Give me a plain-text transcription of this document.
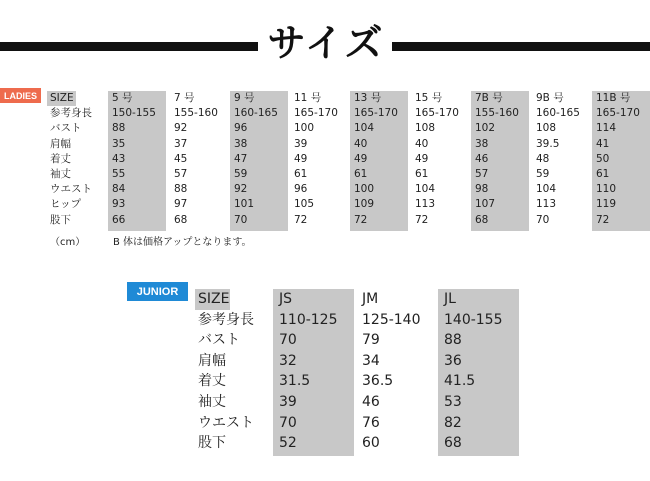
サイズ
LADIES	SIZE	5 号	7 号	9 号	11 号	13 号	15 号	7B 号	9B 号	11B 号
参考身長 150-155 155-160 160-165 165-170 165-170 165-170 155-160 160-165 165-170
バスト	88	92	96	100	104	108	102	108	114
肩幅	35	37	38	39	40	40	38	39.5	41
着丈	43	45	47	49	49	49	46	48	50
袖丈	55	57	59	61	61	61	57	59	61
ウエスト 84	88	92	96	100	104	98	104	110
ヒップ	93	97	101	105	109	113	107	113	119
股下	66	68	70	72	72	72	68	70	72
（cm）	B 体は価格アップとなります。
JUNIOR	SIZE	JS	JM	JL
参考身長 110-125 125-140 140-155
バスト	70	79	88
肩幅	32	34	36
着丈	31.5	36.5	41.5
袖丈	39	46	53
ウエスト 70	76	82
股下	52	60	68
